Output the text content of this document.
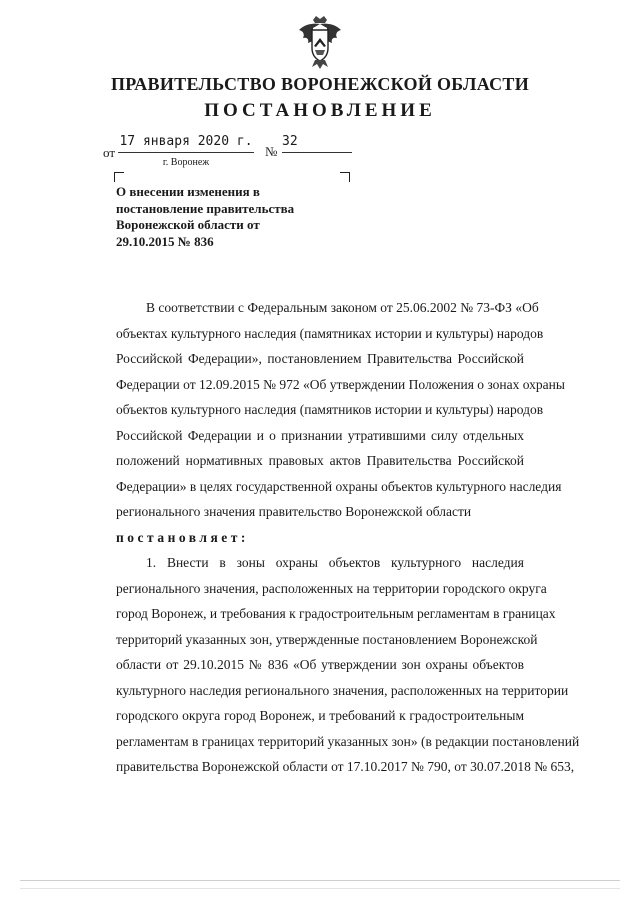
ПРАВИТЕЛЬСТВО ВОРОНЕЖСКОЙ ОБЛАСТИ
ПОСТАНОВЛЕНИЕ
от
17 января 2020 г.
№
32
г. Воронеж
О внесении изменения в
постановление правительства
Воронежской области от
29.10.2015 № 836
В соответствии с Федеральным законом от 25.06.2002 № 73-ФЗ «Об
объектах культурного наследия (памятниках истории и культуры) народов
Российской Федерации», постановлением Правительства Российской
Федерации от 12.09.2015 № 972 «Об утверждении Положения о зонах охраны
объектов культурного наследия (памятников истории и культуры) народов
Российской Федерации и о признании утратившими силу отдельных
положений нормативных правовых актов Правительства Российской
Федерации» в целях государственной охраны объектов культурного наследия
регионального значения правительство Воронежской области
постановляет:
1. Внести в зоны охраны объектов культурного наследия
регионального значения, расположенных на территории городского округа
город Воронеж, и требования к градостроительным регламентам в границах
территорий указанных зон, утвержденные постановлением Воронежской
области от 29.10.2015 № 836 «Об утверждении зон охраны объектов
культурного наследия регионального значения, расположенных на территории
городского округа город Воронеж, и требований к градостроительным
регламентам в границах территорий указанных зон» (в редакции постановлений
правительства Воронежской области от 17.10.2017 № 790, от 30.07.2018 № 653,
